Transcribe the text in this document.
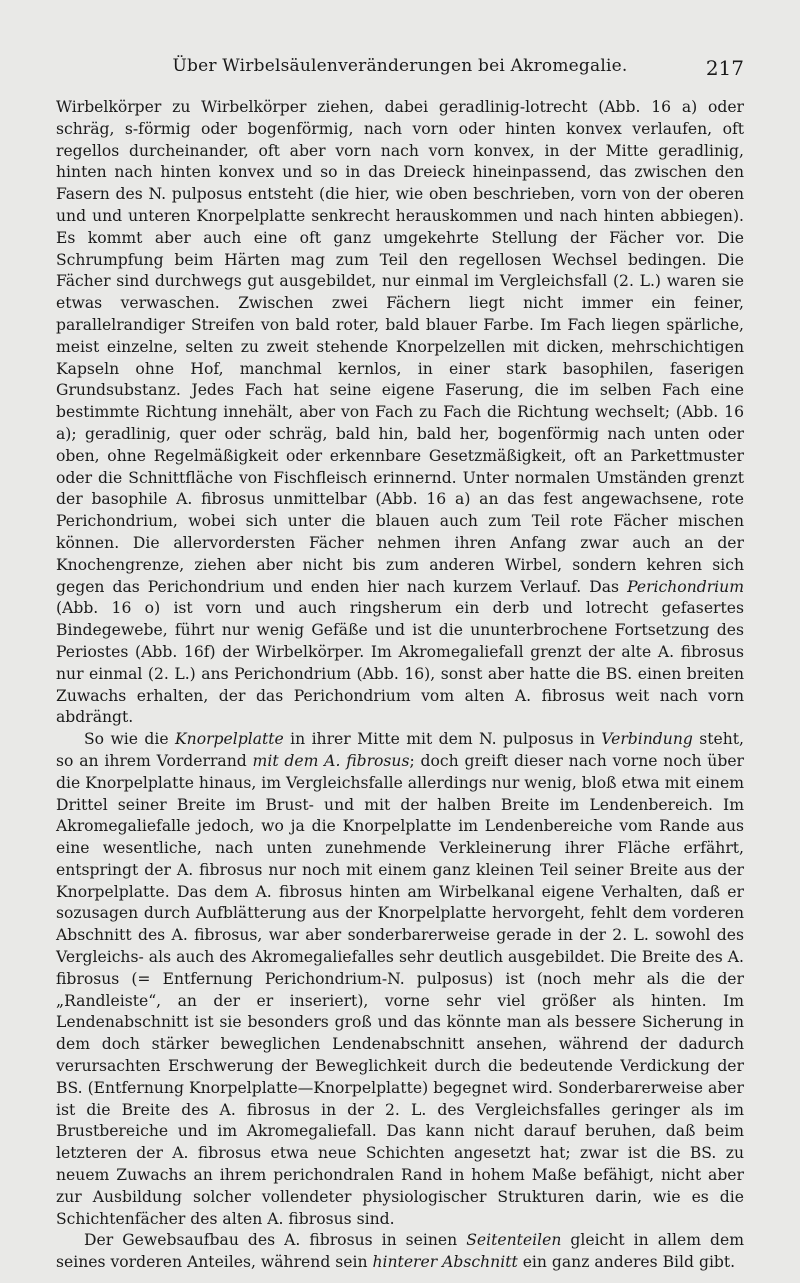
Über Wirbelsäulenveränderungen bei Akromegalie.	217

Wirbelkörper zu Wirbelkörper ziehen, dabei geradlinig-lotrecht (Abb. 16 a) oder schräg, s-förmig oder bogenförmig, nach vorn oder hinten konvex verlaufen, oft regellos durcheinander, oft aber vorn nach vorn konvex, in der Mitte geradlinig, hinten nach hinten konvex und so in das Dreieck hineinpassend, das zwischen den Fasern des N. pulposus entsteht (die hier, wie oben beschrieben, vorn von der oberen und und unteren Knorpelplatte senkrecht herauskommen und nach hinten abbiegen). Es kommt aber auch eine oft ganz umgekehrte Stellung der Fächer vor. Die Schrumpfung beim Härten mag zum Teil den regellosen Wechsel bedingen. Die Fächer sind durchwegs gut ausgebildet, nur einmal im Vergleichsfall (2. L.) waren sie etwas verwaschen. Zwischen zwei Fächern liegt nicht immer ein feiner, parallelrandiger Streifen von bald roter, bald blauer Farbe. Im Fach liegen spärliche, meist einzelne, selten zu zweit stehende Knorpelzellen mit dicken, mehrschichtigen Kapseln ohne Hof, manchmal kernlos, in einer stark basophilen, faserigen Grundsubstanz. Jedes Fach hat seine eigene Faserung, die im selben Fach eine bestimmte Richtung innehält, aber von Fach zu Fach die Richtung wechselt; (Abb. 16 a); geradlinig, quer oder schräg, bald hin, bald her, bogenförmig nach unten oder oben, ohne Regelmäßigkeit oder erkennbare Gesetzmäßigkeit, oft an Parkettmuster oder die Schnittfläche von Fischfleisch erinnernd. Unter normalen Umständen grenzt der basophile A. fibrosus unmittelbar (Abb. 16 a) an das fest angewachsene, rote Perichondrium, wobei sich unter die blauen auch zum Teil rote Fächer mischen können. Die allervordersten Fächer nehmen ihren Anfang zwar auch an der Knochengrenze, ziehen aber nicht bis zum anderen Wirbel, sondern kehren sich gegen das Perichondrium und enden hier nach kurzem Verlauf. Das Perichondrium (Abb. 16 o) ist vorn und auch ringsherum ein derb und lotrecht gefasertes Bindegewebe, führt nur wenig Gefäße und ist die ununterbrochene Fortsetzung des Periostes (Abb. 16f) der Wirbelkörper. Im Akromegaliefall grenzt der alte A. fibrosus nur einmal (2. L.) ans Perichondrium (Abb. 16), sonst aber hatte die BS. einen breiten Zuwachs erhalten, der das Perichondrium vom alten A. fibrosus weit nach vorn abdrängt.

So wie die Knorpelplatte in ihrer Mitte mit dem N. pulposus in Verbindung steht, so an ihrem Vorderrand mit dem A. fibrosus; doch greift dieser nach vorne noch über die Knorpelplatte hinaus, im Vergleichsfalle allerdings nur wenig, bloß etwa mit einem Drittel seiner Breite im Brust- und mit der halben Breite im Lendenbereich. Im Akromegaliefalle jedoch, wo ja die Knorpelplatte im Lendenbereiche vom Rande aus eine wesentliche, nach unten zunehmende Verkleinerung ihrer Fläche erfährt, entspringt der A. fibrosus nur noch mit einem ganz kleinen Teil seiner Breite aus der Knorpelplatte. Das dem A. fibrosus hinten am Wirbelkanal eigene Verhalten, daß er sozusagen durch Aufblätterung aus der Knorpelplatte hervorgeht, fehlt dem vorderen Abschnitt des A. fibrosus, war aber sonderbarerweise gerade in der 2. L. sowohl des Vergleichs- als auch des Akromegaliefalles sehr deutlich ausgebildet. Die Breite des A. fibrosus (= Entfernung Perichondrium-N. pulposus) ist (noch mehr als die der „Randleiste“, an der er inseriert), vorne sehr viel größer als hinten. Im Lendenabschnitt ist sie besonders groß und das könnte man als bessere Sicherung in dem doch stärker beweglichen Lendenabschnitt ansehen, während der dadurch verursachten Erschwerung der Beweglichkeit durch die bedeutende Verdickung der BS. (Entfernung Knorpelplatte—Knorpelplatte) begegnet wird. Sonderbarerweise aber ist die Breite des A. fibrosus in der 2. L. des Vergleichsfalles geringer als im Brustbereiche und im Akromegaliefall. Das kann nicht darauf beruhen, daß beim letzteren der A. fibrosus etwa neue Schichten angesetzt hat; zwar ist die BS. zu neuem Zuwachs an ihrem perichondralen Rand in hohem Maße befähigt, nicht aber zur Ausbildung solcher vollendeter physiologischer Strukturen darin, wie es die Schichtenfächer des alten A. fibrosus sind.

Der Gewebsaufbau des A. fibrosus in seinen Seitenteilen gleicht in allem dem seines vorderen Anteiles, während sein hinterer Abschnitt ein ganz anderes Bild gibt.
